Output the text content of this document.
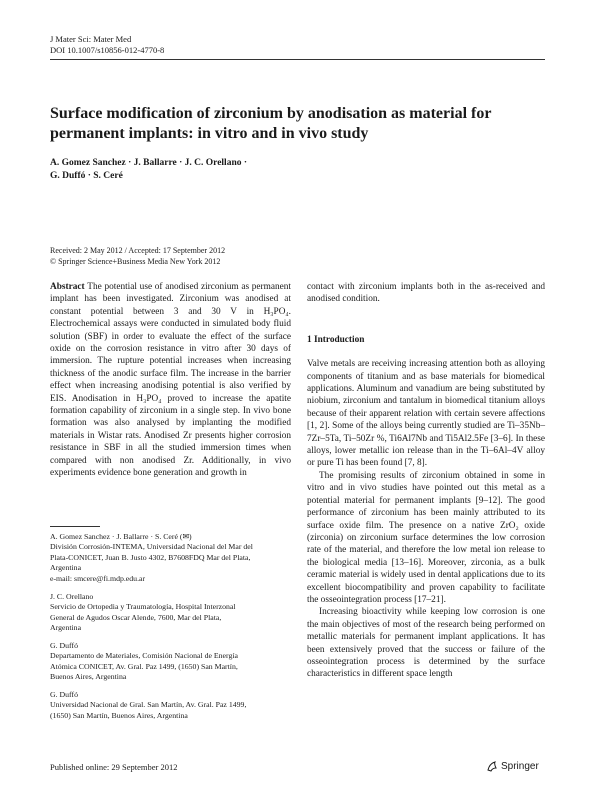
J Mater Sci: Mater Med
DOI 10.1007/s10856-012-4770-8
Surface modification of zirconium by anodisation as material for permanent implants: in vitro and in vivo study
A. Gomez Sanchez · J. Ballarre · J. C. Orellano ·
G. Duffó · S. Ceré
Received: 2 May 2012 / Accepted: 17 September 2012
© Springer Science+Business Media New York 2012
Abstract The potential use of anodised zirconium as permanent implant has been investigated. Zirconium was anodised at constant potential between 3 and 30 V in H₃PO₄. Electrochemical assays were conducted in simulated body fluid solution (SBF) in order to evaluate the effect of the surface oxide on the corrosion resistance in vitro after 30 days of immersion. The rupture potential increases when increasing thickness of the anodic surface film. The increase in the barrier effect when increasing anodising potential is also verified by EIS. Anodisation in H₃PO₄ proved to increase the apatite formation capability of zirconium in a single step. In vivo bone formation was also analysed by implanting the modified materials in Wistar rats. Anodised Zr presents higher corrosion resistance in SBF in all the studied immersion times when compared with non anodised Zr. Additionally, in vivo experiments evidence bone generation and growth in
A. Gomez Sanchez · J. Ballarre · S. Ceré (✉)
División Corrosión-INTEMA, Universidad Nacional del Mar del
Plata-CONICET, Juan B. Justo 4302, B7608FDQ Mar del Plata,
Argentina
e-mail: smcere@fi.mdp.edu.ar
J. C. Orellano
Servicio de Ortopedia y Traumatología, Hospital Interzonal
General de Agudos Oscar Alende, 7600, Mar del Plata,
Argentina
G. Duffó
Departamento de Materiales, Comisión Nacional de Energía
Atómica CONICET, Av. Gral. Paz 1499, (1650) San Martín,
Buenos Aires, Argentina
G. Duffó
Universidad Nacional de Gral. San Martín, Av. Gral. Paz 1499,
(1650) San Martín, Buenos Aires, Argentina

contact with zirconium implants both in the as-received and anodised condition.

1 Introduction

Valve metals are receiving increasing attention both as alloying components of titanium and as base materials for biomedical applications. Aluminum and vanadium are being substituted by niobium, zirconium and tantalum in biomedical titanium alloys because of their apparent relation with certain severe affections [1, 2]. Some of the alloys being currently studied are Ti–35Nb–7Zr–5Ta, Ti–50Zr %, Ti6Al7Nb and Ti5Al2.5Fe [3–6]. In these alloys, lower metallic ion release than in the Ti–6Al–4V alloy or pure Ti has been found [7, 8].

The promising results of zirconium obtained in some in vitro and in vivo studies have pointed out this metal as a potential material for permanent implants [9–12]. The good performance of zirconium has been mainly attributed to its surface oxide film. The presence on a native ZrO₂ oxide (zirconia) on zirconium surface determines the low corrosion rate of the material, and therefore the low metal ion release to the biological media [13–16]. Moreover, zirconia, as a bulk ceramic material is widely used in dental applications due to its excellent biocompatibility and proven capability to facilitate the osseointegration process [17–21].

Increasing bioactivity while keeping low corrosion is one the main objectives of most of the research being performed on metallic materials for permanent implant applications. It has been extensively proved that the success or failure of the osseointegration process is determined by the surface characteristics in different space length

Published online: 29 September 2012	Springer
